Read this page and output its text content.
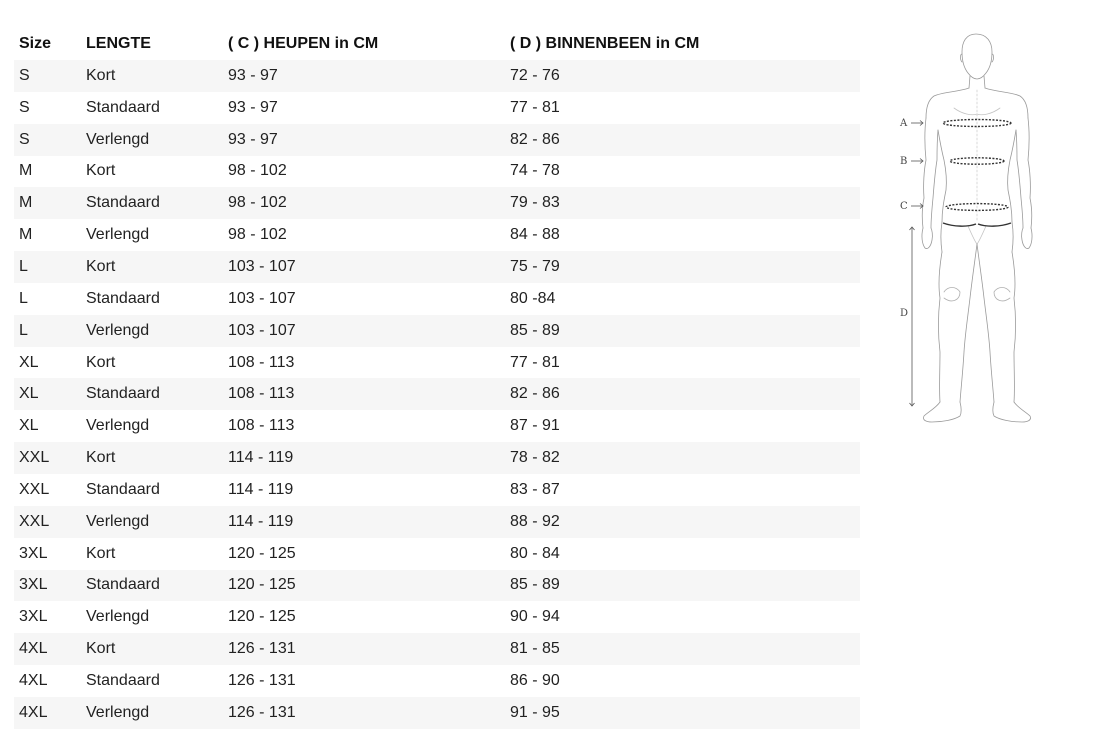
Size	LENGTE	( C ) HEUPEN in CM	( D ) BINNENBEEN in CM
S	Kort	93 - 97	72 - 76
S	Standaard	93 - 97	77 - 81
S	Verlengd	93 - 97	82 - 86
M	Kort	98 - 102	74 - 78
M	Standaard	98 - 102	79 - 83
M	Verlengd	98 - 102	84 - 88
L	Kort	103 - 107	75 - 79
L	Standaard	103 - 107	80 -84
L	Verlengd	103 - 107	85 - 89
XL	Kort	108 - 113	77 - 81
XL	Standaard	108 - 113	82 - 86
XL	Verlengd	108 - 113	87 - 91
XXL	Kort	114 - 119	78 - 82
XXL	Standaard	114 - 119	83 - 87
XXL	Verlengd	114 - 119	88 - 92
3XL	Kort	120 - 125	80 - 84
3XL	Standaard	120 - 125	85 - 89
3XL	Verlengd	120 - 125	90 - 94
4XL	Kort	126 - 131	81 - 85
4XL	Standaard	126 - 131	86 - 90
4XL	Verlengd	126 - 131	91 - 95
A
B
C
D
